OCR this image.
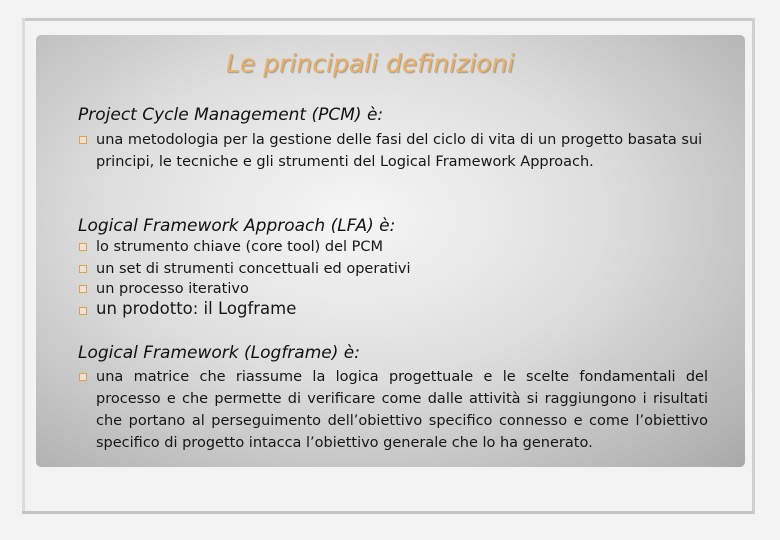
Le principali definizioni
Project Cycle Management (PCM) è:

una metodologia per la gestione delle fasi del ciclo di vita di un progetto basata sui principi, le tecniche e gli strumenti del Logical Framework Approach.

Logical Framework Approach (LFA) è:

lo strumento chiave (core tool) del PCM

un set di strumenti concettuali ed operativi

un processo iterativo

un prodotto: il Logframe

Logical Framework (Logframe) è:

una matrice che riassume la logica progettuale e le scelte fondamentali del processo e che permette di verificare come dalle attività si raggiungono i risultati che portano al perseguimento dell’obiettivo specifico connesso e come l’obiettivo specifico di progetto intacca l’obiettivo generale che lo ha generato.
